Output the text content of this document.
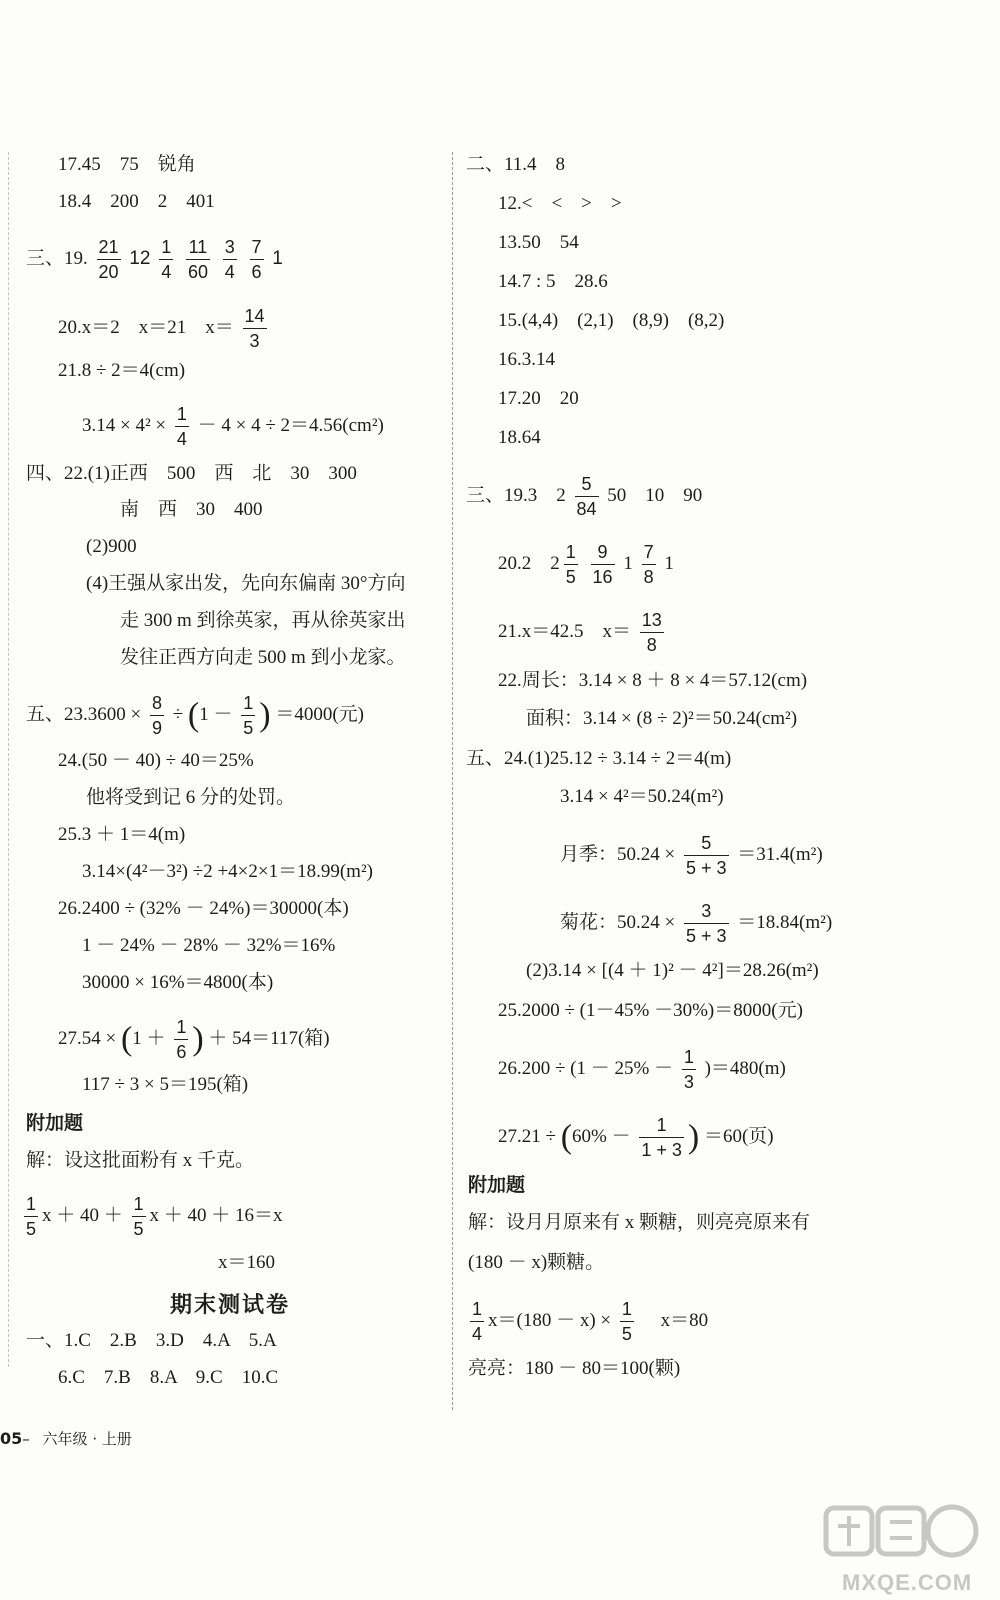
17.45　75　锐角
18.4　200　2　401
三、19. $\frac{21}{20} 12 \frac{1}{4}$
$\frac{11}{60}$
$\frac{3}{4}$
$\frac{7}{6} 1$
20.x＝2　x＝21　$x= \frac{14}{3}$
21.8 ÷ 2＝4(cm)
$3.14 \times 4^2 \times \frac{1}{4} - 4 \times 4 \div 2=4.56(cm^2)$
四、22.(1)正西　500　西　北　30　300
南　西　30　400
(2)900
(4)王强从家出发，先向东偏南 30°方向
走 300 m 到徐英家，再从徐英家出
发往正西方向走 500 m 到小龙家。
五、$23.3600 \times \frac{8}{9} \div (1 - \frac{1}{5}$ ) ＝4000(元)
24.(50 － 40) ÷ 40＝25%
他将受到记 6 分的处罚。
25.3 ＋ 1＝4(m)
3.14×(4²－3²) ÷2 +4×2×1＝18.99(m²)
26.2400 ÷ (32% － 24%)＝30000(本)
1 － 24% － 28% － 32%＝16%
30000 × 16%＝4800(本)
$27.54 \times (1 + \frac{1}{6}$ ) ＋ 54＝117(箱)
117 ÷ 3 × 5＝195(箱)
附加题
解：设这批面粉有 x 千克。
$\frac{1}{5}$ $x + 40 + \frac{1}{5}$ x ＋ 40 ＋ 16＝x
x＝160
期末测试卷
一、1.C　2.B　3.D　4.A　5.A
6.C　7.B　8.A　9.C　10.C
二、11.4　8
12.<　<　>　>
13.50　54
14.7 : 5　28.6
15.(4,4)　(2,1)　(8,9)　(8,2)
16.3.14
17.20　20
18.64
三、19.3　$2 \frac{5}{84} 50$　10　90
20.2　$2 \frac{1}{5}$
$\frac{9}{16} 1 \frac{7}{8} 1$
21.x＝42.5　$x= \frac{13}{8}$
22.周长：3.14 × 8 ＋ 8 × 4＝57.12(cm)
面积：3.14 × (8 ÷ 2)²＝50.24(cm²)
五、24.(1)25.12 ÷ 3.14 ÷ 2＝4(m)
3.14 × 4²＝50.24(m²)
月季：$50.24 \times \frac{5}{5 + 3} =31.4(m^2)$
菊花：$50.24 \times \frac{3}{5 + 3} =18.84(m^2)$
(2)3.14 × [(4 ＋ 1)² － 4²]＝28.26(m²)
25.2000 ÷ (1－45% －30%)＝8000(元)
$26.200 \div (1 - 25\% - \frac{1}{3} )=480(m)$
$27.21 \div (60\% - \frac{1}{1 + 3}$ ) ＝60(页)
附加题
解：设月月原来有 x 颗糖，则亮亮原来有
(180 － x)颗糖。
$\frac{1}{4} x=(180 - x) \times \frac{1}{5} x=80$
亮亮：180 － 80＝100(颗)
05– 六年级 · 上册
MXQE.COM
